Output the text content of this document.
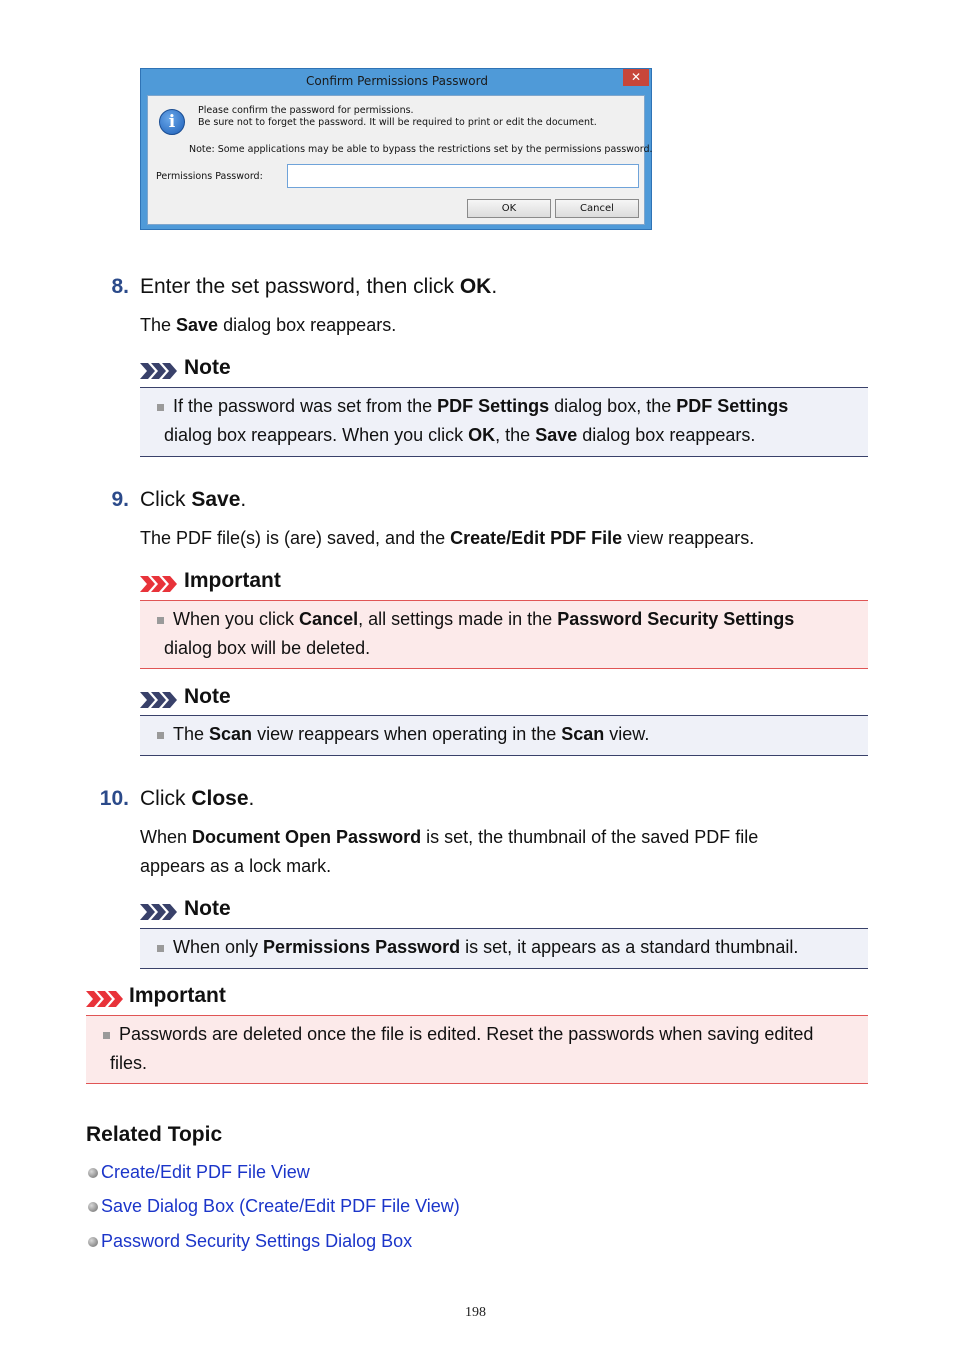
Confirm Permissions Password	✕
i
Please confirm the password for permissions.
Be sure not to forget the password. It will be required to print or edit the document.
Note: Some applications may be able to bypass the restrictions set by the permissions password.
Permissions Password:
OK	Cancel
8. Enter the set password, then click OK.
The Save dialog box reappears.
Note
If the password was set from the PDF Settings dialog box, the PDF Settings
dialog box reappears. When you click OK, the Save dialog box reappears.
9. Click Save.
The PDF file(s) is (are) saved, and the Create/Edit PDF File view reappears.
Important
When you click Cancel, all settings made in the Password Security Settings
dialog box will be deleted.
Note
The Scan view reappears when operating in the Scan view.
10. Click Close.
When Document Open Password is set, the thumbnail of the saved PDF file
appears as a lock mark.
Note
When only Permissions Password is set, it appears as a standard thumbnail.
Important
Passwords are deleted once the file is edited. Reset the passwords when saving edited
files.
Related Topic
Create/Edit PDF File View
Save Dialog Box (Create/Edit PDF File View)
Password Security Settings Dialog Box
198
